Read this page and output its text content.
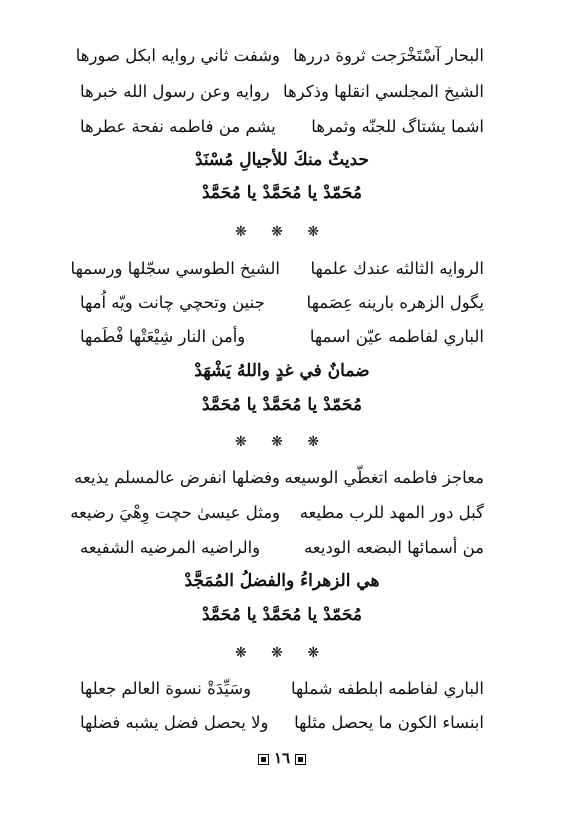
البحار آسْتَخْرَجت ثروة دررها
وشفت ثاني روايه ابكل صورها
الشيخ المجلسي انقلها وذكرها
روايه وعن رسول الله خبرها
اشما يشتاگ للجنّه وثمرها
يشم من فاطمه نفحة عطرها
حديثٌ منكَ للأجيالِ مُسْنَدْ
مُحَمّدْ يا مُحَمَّدْ يا مُحَمَّدْ
❋ ❋ ❋
الروايه الثالثه عندك علمها
الشيخ الطوسي سجّلها ورسمها
يگول الزهره بارينه عِصَمها
جنين وتحچي چانت ويّه اُمها
الباري لفاطمه عيّن اسمها
وأمن النار شِيْعَتْها فْطَمها
ضمانٌ في غدٍ واللهُ يَشْهَدْ
مُحَمّدْ يا مُحَمَّدْ يا مُحَمَّدْ
❋ ❋ ❋
معاجز فاطمه اتغطّي الوسيعه
وفضلها انفرض عالمسلم يذيعه
گبل دور المهد للرب مطيعه
ومثل عيسىٰ حچت وِهْيَ رضيعه
من أسمائها البضعه الوديعه
والراضيه المرضيه الشفيعه
هي الزهراءُ والفضلُ المُمَجَّدْ
مُحَمّدْ يا مُحَمَّدْ يا مُحَمَّدْ
❋ ❋ ❋
الباري لفاطمه ابلطفه شملها
وسَيِّدَةْ نسوة العالم جعلها
ابنساء الكون ما يحصل مثلها
ولا يحصل فضل يشبه فضلها
١٦
